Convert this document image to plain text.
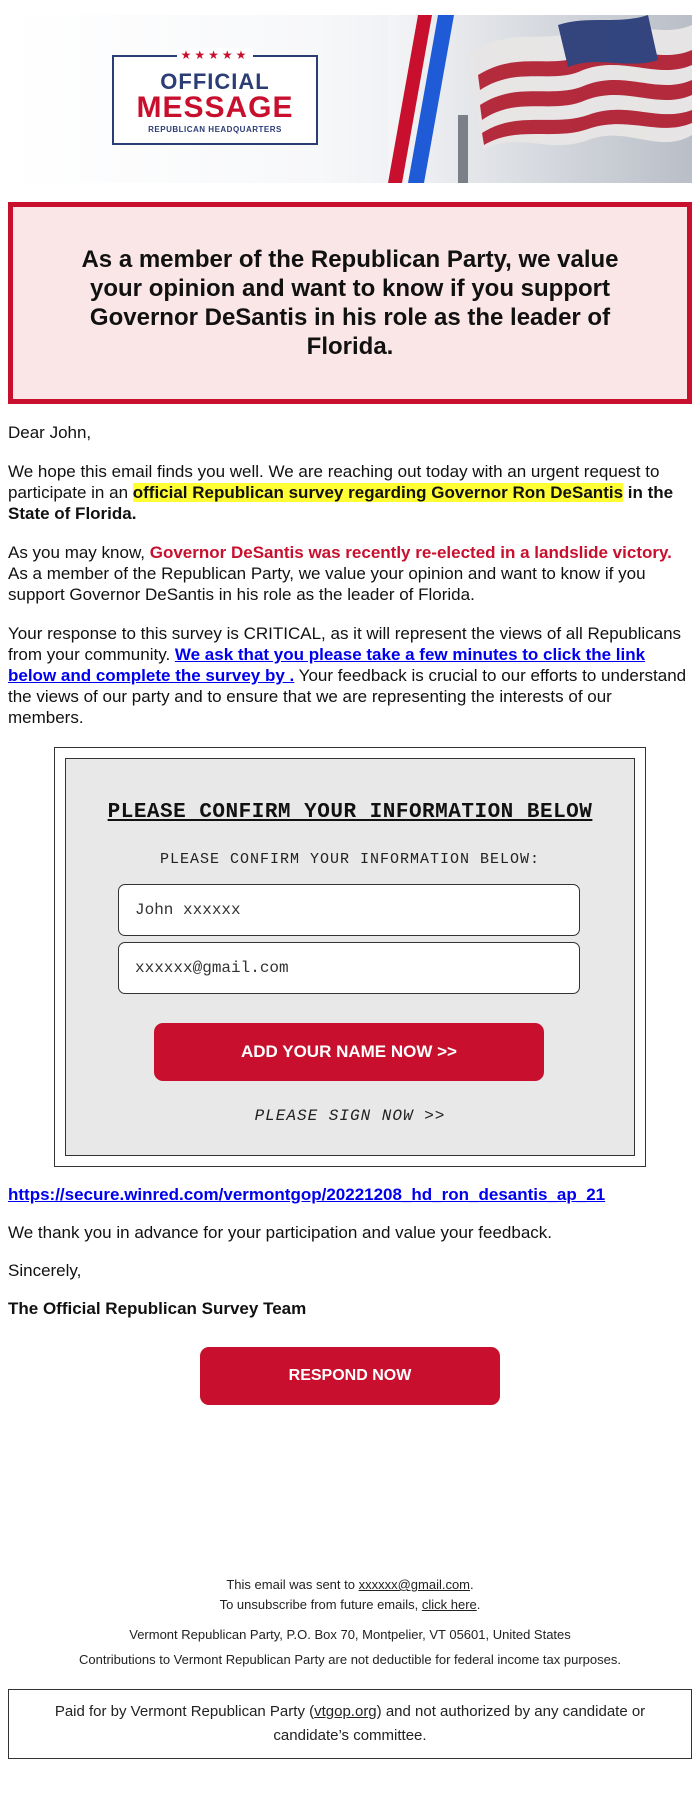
★★★★★
OFFICIAL
MESSAGE
REPUBLICAN HEADQUARTERS

As a member of the Republican Party, we value your opinion and want to know if you support Governor DeSantis in his role as the leader of Florida.

Dear John,

We hope this email finds you well. We are reaching out today with an urgent request to participate in an official Republican survey regarding Governor Ron DeSantis in the State of Florida.

As you may know, Governor DeSantis was recently re-elected in a landslide victory. As a member of the Republican Party, we value your opinion and want to know if you support Governor DeSantis in his role as the leader of Florida.

Your response to this survey is CRITICAL, as it will represent the views of all Republicans from your community. We ask that you please take a few minutes to click the link below and complete the survey by . Your feedback is crucial to our efforts to understand the views of our party and to ensure that we are representing the interests of our members.

PLEASE CONFIRM YOUR INFORMATION BELOW
PLEASE CONFIRM YOUR INFORMATION BELOW:
John xxxxxx
xxxxxx@gmail.com
ADD YOUR NAME NOW >>
PLEASE SIGN NOW >>

https://secure.winred.com/vermontgop/20221208_hd_ron_desantis_ap_21

We thank you in advance for your participation and value your feedback.

Sincerely,

The Official Republican Survey Team

RESPOND NOW
This email was sent to xxxxxx@gmail.com.
To unsubscribe from future emails, click here.
Vermont Republican Party, P.O. Box 70, Montpelier, VT 05601, United States
Contributions to Vermont Republican Party are not deductible for federal income tax purposes.
Paid for by Vermont Republican Party (vtgop.org) and not authorized by any candidate or candidate’s committee.
